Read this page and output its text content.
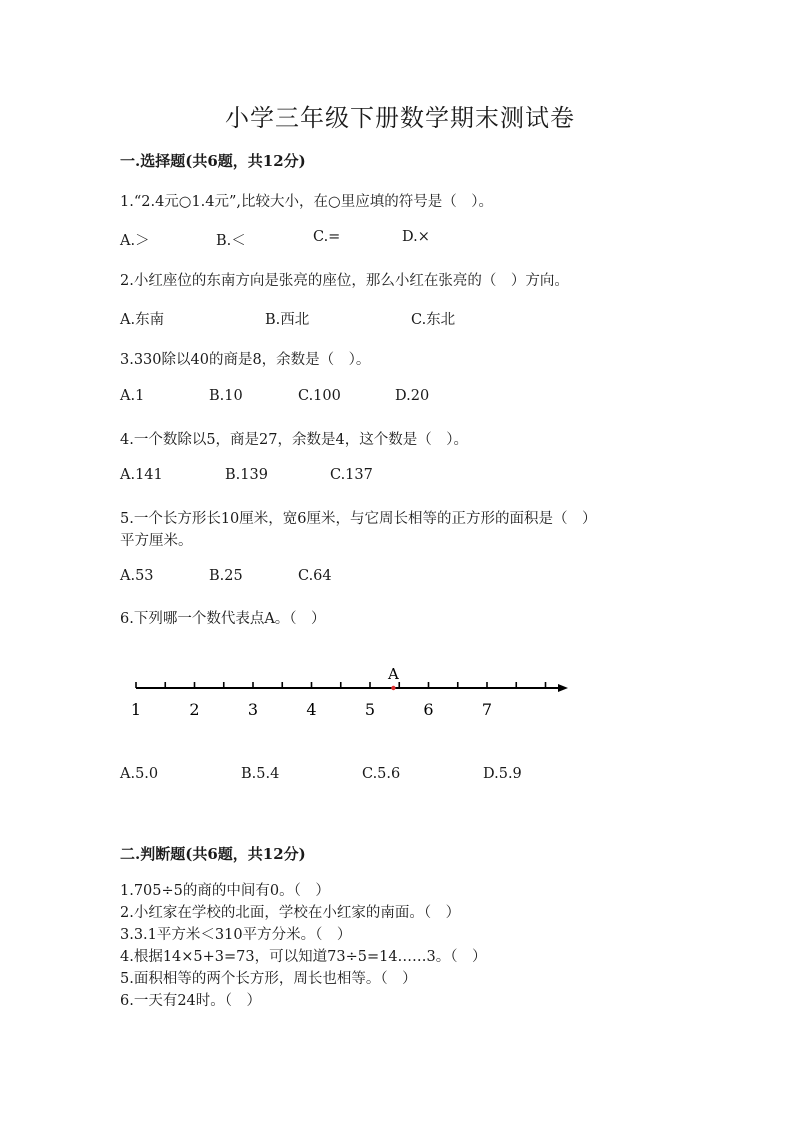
小学三年级下册数学期末测试卷
一.选择题(共6题，共12分)
1.“2.4元○1.4元”,比较大小，在○里应填的符号是（　）。
A.＞	B.＜	C.=	D.×
2.小红座位的东南方向是张亮的座位，那么小红在张亮的（　）方向。
A.东南	B.西北	C.东北
3.330除以40的商是8，余数是（　）。
A.1	B.10	C.100	D.20
4.一个数除以5，商是27，余数是4，这个数是（　）。
A.141	B.139	C.137
5.一个长方形长10厘米，宽6厘米，与它周长相等的正方形的面积是（　）
平方厘米。
A.53	B.25	C.64
6.下列哪一个数代表点A。（　）
1	2	3	4	5	6	7
A
A.5.0	B.5.4	C.5.6	D.5.9
二.判断题(共6题，共12分)
1.705÷5的商的中间有0。（　）
2.小红家在学校的北面，学校在小红家的南面。（　）
3.3.1平方米＜310平方分米。（　）
4.根据14×5+3=73，可以知道73÷5=14……3。（　）
5.面积相等的两个长方形，周长也相等。（　）
6.一天有24时。（　）
